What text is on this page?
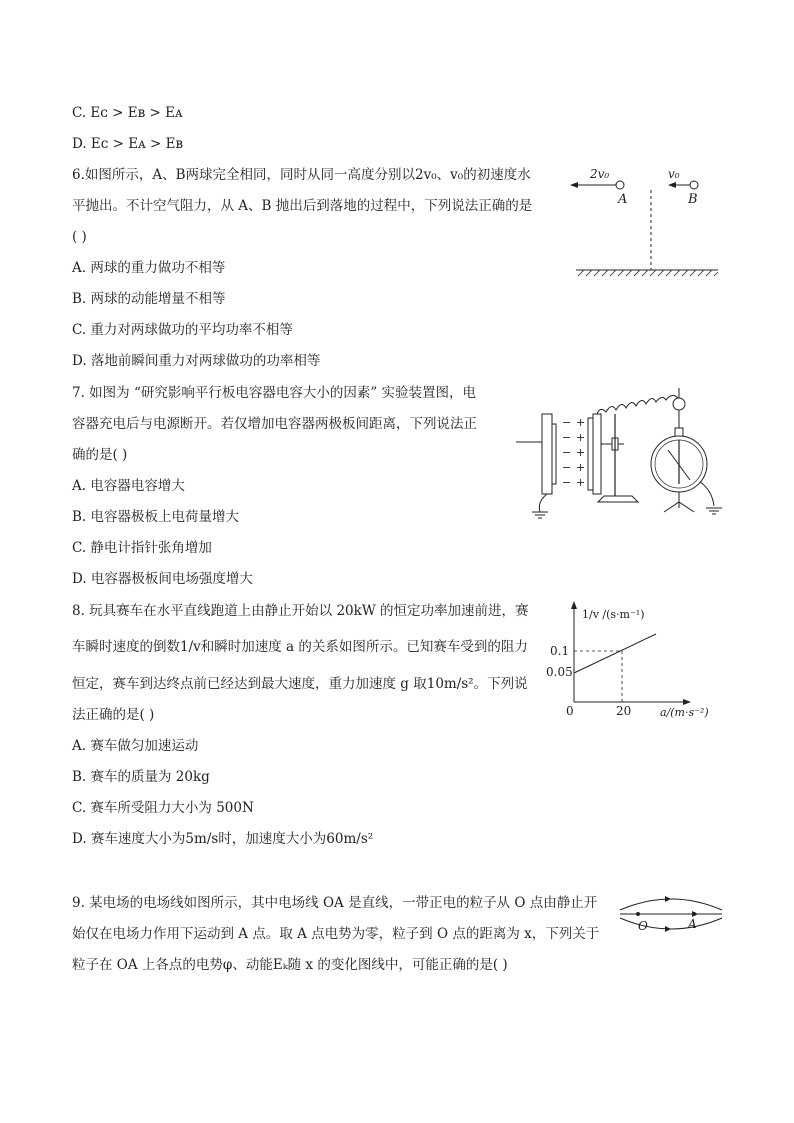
C. Eᴄ > Eʙ > Eᴀ
D. Eᴄ > Eᴀ > Eʙ
6.如图所示，A、B两球完全相同，同时从同一高度分别以2v₀、v₀的初速度水
平抛出。不计空气阻力，从 A、B 抛出后到落地的过程中，下列说法正确的是
( )
A. 两球的重力做功不相等
B. 两球的动能增量不相等
C. 重力对两球做功的平均功率不相等
D. 落地前瞬间重力对两球做功的功率相等
2v₀
A
v₀
B
7. 如图为 “研究影响平行板电容器电容大小的因素” 实验装置图，电
容器充电后与电源断开。若仅增加电容器两极板间距离，下列说法正
确的是( )
A. 电容器电容增大
B. 电容器极板上电荷量增大
C. 静电计指针张角增加
D. 电容器极板间电场强度增大
−
−
−
−
−
+
+
+
+
+
8. 玩具赛车在水平直线跑道上由静止开始以 20kW 的恒定功率加速前进，赛
车瞬时速度的倒数1/v和瞬时加速度 a 的关系如图所示。已知赛车受到的阻力
恒定，赛车到达终点前已经达到最大速度，重力加速度 g 取10m/s²。下列说
法正确的是( )
A. 赛车做匀加速运动
B. 赛车的质量为 20kg
C. 赛车所受阻力大小为 500N
D. 赛车速度大小为5m/s时，加速度大小为60m/s²
1/v /(s·m⁻¹)
a/(m·s⁻²)
0.1
0.05
0	20
9. 某电场的电场线如图所示，其中电场线 OA 是直线，一带正电的粒子从 O 点由静止开
始仅在电场力作用下运动到 A 点。取 A 点电势为零，粒子到 O 点的距离为 x，下列关于
粒子在 OA 上各点的电势φ、动能Eₖ随 x 的变化图线中，可能正确的是( )
O	A
